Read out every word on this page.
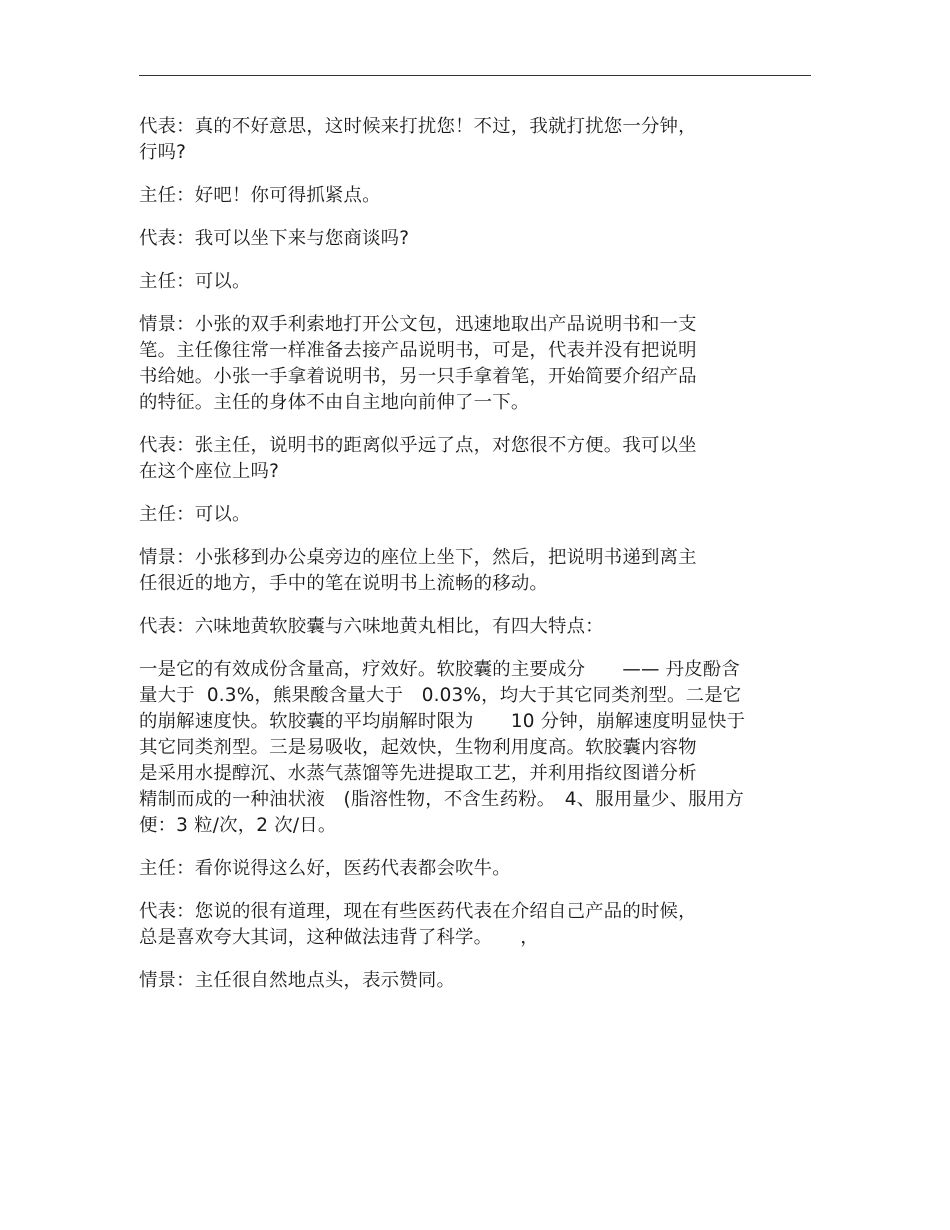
代表：真的不好意思，这时候来打扰您！不过，我就打扰您一分钟，
行吗?

主任：好吧！你可得抓紧点。

代表：我可以坐下来与您商谈吗?

主任：可以。

情景：小张的双手利索地打开公文包，迅速地取出产品说明书和一支
笔。主任像往常一样准备去接产品说明书，可是，代表并没有把说明
书给她。小张一手拿着说明书，另一只手拿着笔，开始简要介绍产品
的特征。主任的身体不由自主地向前伸了一下。

代表：张主任，说明书的距离似乎远了点，对您很不方便。我可以坐
在这个座位上吗?

主任：可以。

情景：小张移到办公桌旁边的座位上坐下，然后，把说明书递到离主
任很近的地方，手中的笔在说明书上流畅的移动。

代表：六味地黄软胶囊与六味地黄丸相比，有四大特点：

一是它的有效成份含量高，疗效好。软胶囊的主要成分　　—— 丹皮酚含
量大于  0.3%，熊果酸含量大于　0.03%，均大于其它同类剂型。二是它
的崩解速度快。软胶囊的平均崩解时限为　　10 分钟，崩解速度明显快于
其它同类剂型。三是易吸收，起效快，生物利用度高。软胶囊内容物
是采用水提醇沉、水蒸气蒸馏等先进提取工艺，并利用指纹图谱分析
精制而成的一种油状液　(脂溶性物，不含生药粉。　4、服用量少、服用方
便：3 粒/次，2 次/日。

主任：看你说得这么好，医药代表都会吹牛。

代表：您说的很有道理，现在有些医药代表在介绍自己产品的时候，
总是喜欢夸大其词，这种做法违背了科学。　　，

情景：主任很自然地点头，表示赞同。
